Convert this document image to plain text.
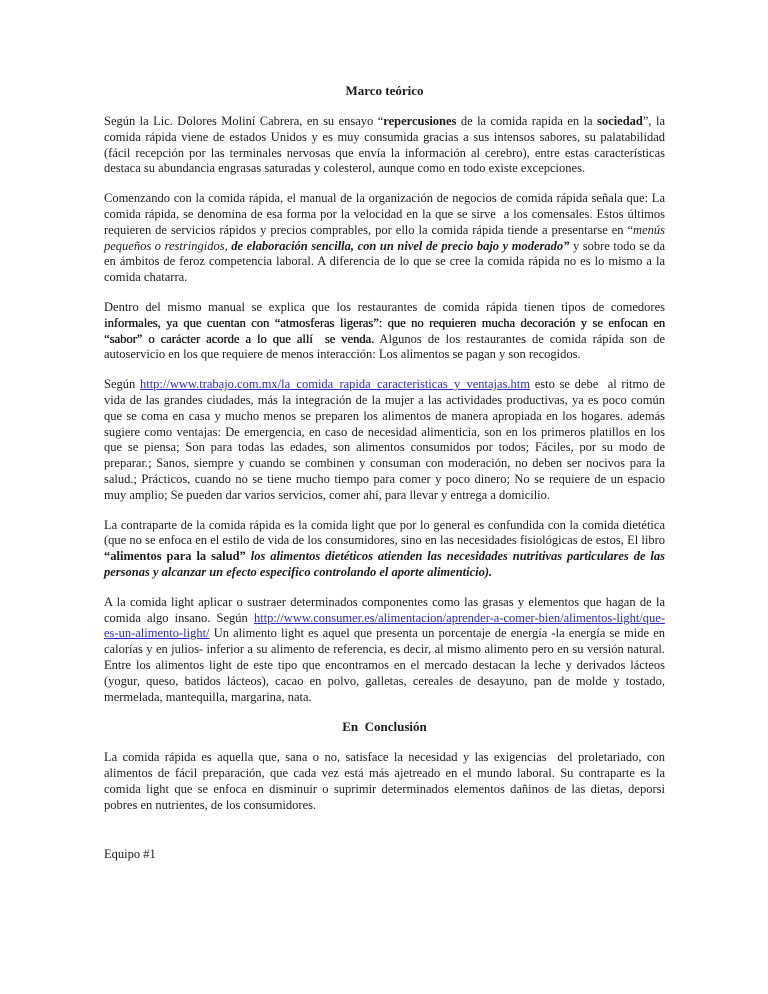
Marco teórico
Según la Lic. Dolores Moliní Cabrera, en su ensayo “repercusiones de la comida rapida en la sociedad”, la comida rápida viene de estados Unidos y es muy consumida gracias a sus intensos sabores, su palatabilidad (fácil recepción por las terminales nervosas que envía la información al cerebro), entre estas características destaca su abundancia engrasas saturadas y colesterol, aunque como en todo existe excepciones.
Comenzando con la comida rápida, el manual de la organización de negocios de comida rápida señala que: La comida rápida, se denomina de esa forma por la velocidad en la que se sirve  a los comensales. Estos últimos requieren de servicios rápidos y precios comprables, por ello la comida rápida tiende a presentarse en “menús pequeños o restringidos, de elaboración sencilla, con un nivel de precio bajo y moderado” y sobre todo se da en ámbitos de feroz competencia laboral. A diferencia de lo que se cree la comida rápida no es lo mismo a la comida chatarra.
Dentro del mismo manual se explica que los restaurantes de comida rápida tienen tipos de comedores informales, ya que cuentan con “atmosferas ligeras”: que no requieren mucha decoración y se enfocan en “sabor” o carácter acorde a lo que allí  se venda. Algunos de los restaurantes de comida rápida son de autoservicio en los que requiere de menos interacción: Los alimentos se pagan y son recogidos.
Según http://www.trabajo.com.mx/la_comida_rapida_caracteristicas_y_ventajas.htm esto se debe  al ritmo de vida de las grandes ciudades, más la integración de la mujer a las actividades productivas, ya es poco común que se coma en casa y mucho menos se preparen los alimentos de manera apropiada en los hogares. además sugiere como ventajas: De emergencia, en caso de necesidad alimenticia, son en los primeros platillos en los que se piensa; Son para todas las edades, son alimentos consumidos por todos; Fáciles, por su modo de preparar.; Sanos, siempre y cuando se combinen y consuman con moderación, no deben ser nocivos para la salud.; Prácticos, cuando no se tiene mucho tiempo para comer y poco dinero; No se requiere de un espacio muy amplio; Se pueden dar varios servicios, comer ahí, para llevar y entrega a domicilio.
La contraparte de la comida rápida es la comida light que por lo general es confundida con la comida dietética  (que no se enfoca en el estilo de vida de los consumidores, sino en las necesidades fisiológicas de estos, El libro “alimentos para la salud” los alimentos dietéticos atienden las necesidades nutritivas particulares de las personas y alcanzar un efecto especifico controlando el aporte alimenticio).
A la comida light aplicar o sustraer determinados componentes como las grasas y elementos que hagan de la comida algo insano. Según http://www.consumer.es/alimentacion/aprender-a-comer-bien/alimentos-light/que-es-un-alimento-light/ Un alimento light es aquel que presenta un porcentaje de energía -la energía se mide en calorías y en julios- inferior a su alimento de referencia, es decir, al mismo alimento pero en su versión natural. Entre los alimentos light de este tipo que encontramos en el mercado destacan la leche y derivados lácteos (yogur, queso, batidos lácteos), cacao en polvo, galletas, cereales de desayuno, pan de molde y tostado, mermelada, mantequilla, margarina, nata.
En  Conclusión
La comida rápida es aquella que, sana o no, satisface la necesidad y las exigencias  del proletariado, con alimentos de fácil preparación, que cada vez está más ajetreado en el mundo laboral. Su contraparte es la comida light que se enfoca en disminuir o suprimir determinados elementos dañinos de las dietas, deporsi pobres en nutrientes, de los consumidores.
Equipo #1
